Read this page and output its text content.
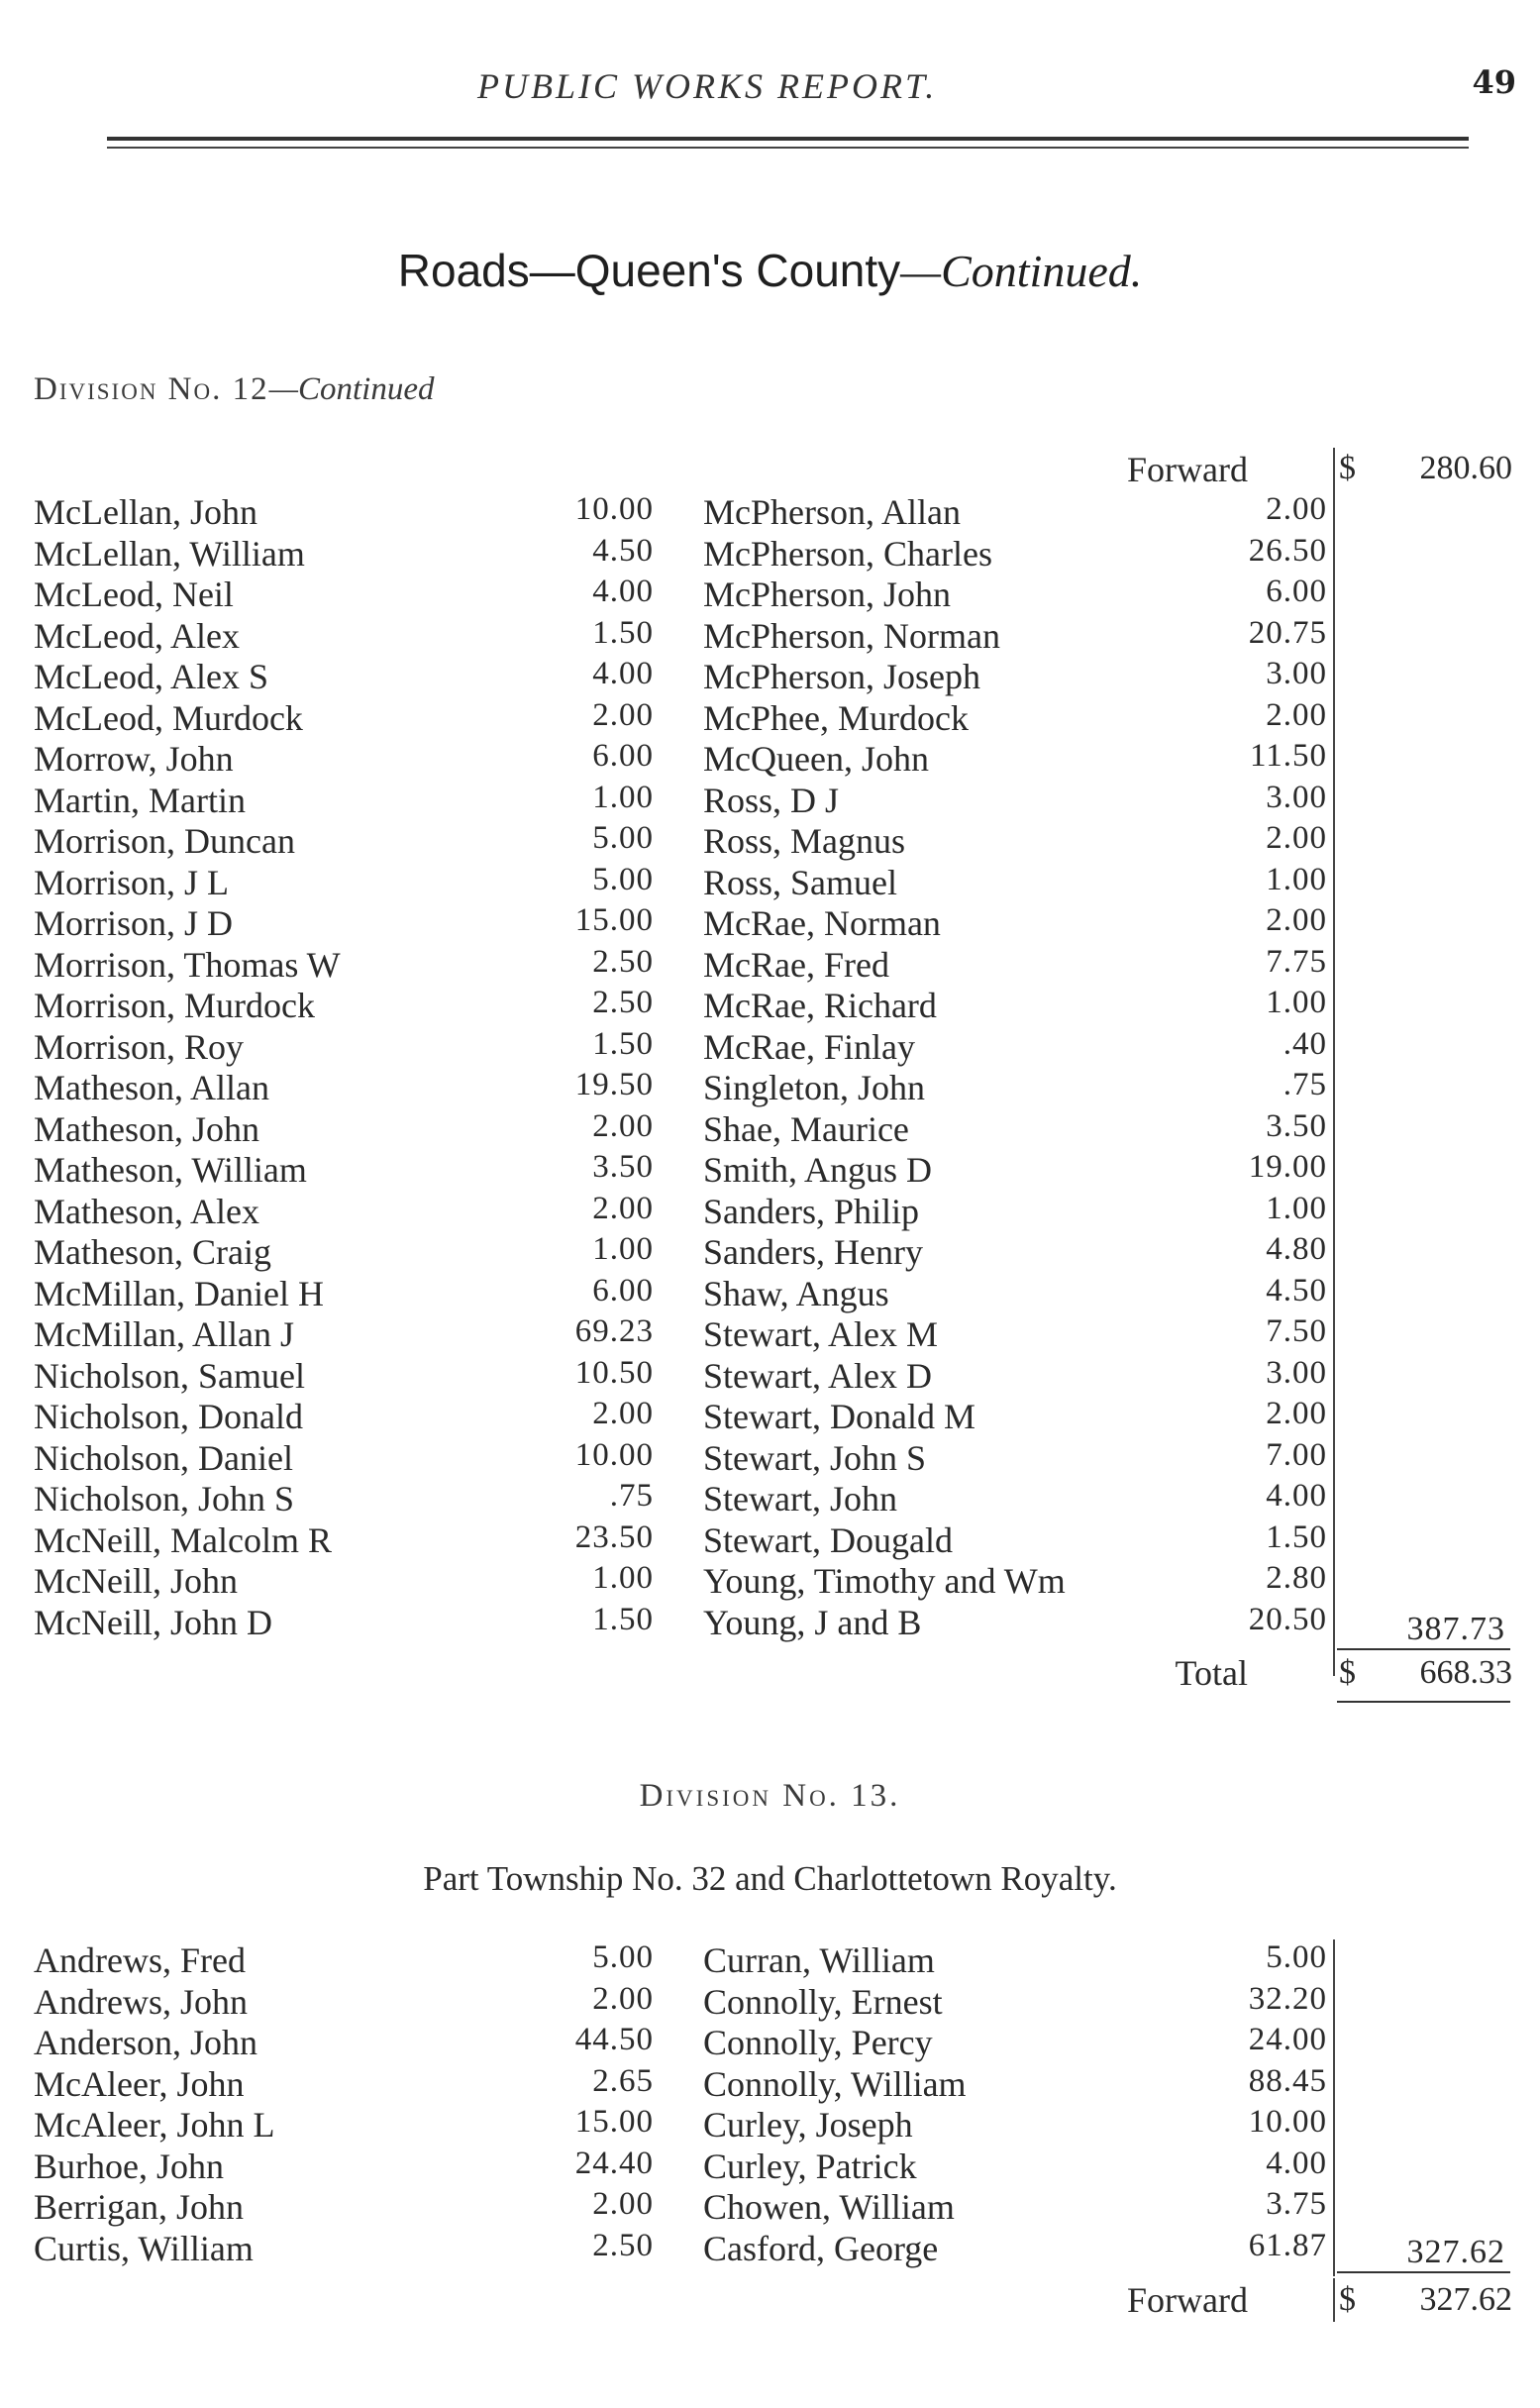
PUBLIC WORKS REPORT.	49
Roads—Queen's County—Continued.
Division No. 12—Continued
Forward	$ 280.60
McLellan, John	10.00 McPherson, Allan	2.00
McLellan, William	4.50 McPherson, Charles	26.50
McLeod, Neil	4.00 McPherson, John	6.00
McLeod, Alex	1.50 McPherson, Norman	20.75
McLeod, Alex S	4.00 McPherson, Joseph	3.00
McLeod, Murdock	2.00 McPhee, Murdock	2.00
Morrow, John	6.00 McQueen, John	11.50
Martin, Martin	1.00 Ross, D J	3.00
Morrison, Duncan	5.00 Ross, Magnus	2.00
Morrison, J L	5.00 Ross, Samuel	1.00
Morrison, J D	15.00 McRae, Norman	2.00
Morrison, Thomas W	2.50 McRae, Fred	7.75
Morrison, Murdock	2.50 McRae, Richard	1.00
Morrison, Roy	1.50 McRae, Finlay	.40
Matheson, Allan	19.50 Singleton, John	.75
Matheson, John	2.00 Shae, Maurice	3.50
Matheson, William	3.50 Smith, Angus D	19.00
Matheson, Alex	2.00 Sanders, Philip	1.00
Matheson, Craig	1.00 Sanders, Henry	4.80
McMillan, Daniel H	6.00 Shaw, Angus	4.50
McMillan, Allan J	69.23 Stewart, Alex M	7.50
Nicholson, Samuel	10.50 Stewart, Alex D	3.00
Nicholson, Donald	2.00 Stewart, Donald M	2.00
Nicholson, Daniel	10.00 Stewart, John S	7.00
Nicholson, John S	.75 Stewart, John	4.00
McNeill, Malcolm R	23.50 Stewart, Dougald	1.50
McNeill, John	1.00 Young, Timothy and Wm	2.80
McNeill, John D	1.50 Young, J and B	20.50	387.73
Total	$ 668.33
Division No. 13.
Part Township No. 32 and Charlottetown Royalty.
Andrews, Fred	5.00 Curran, William	5.00
Andrews, John	2.00 Connolly, Ernest	32.20
Anderson, John	44.50 Connolly, Percy	24.00
McAleer, John	2.65 Connolly, William	88.45
McAleer, John L	15.00 Curley, Joseph	10.00
Burhoe, John	24.40 Curley, Patrick	4.00
Berrigan, John	2.00 Chowen, William	3.75
Curtis, William	2.50 Casford, George	61.87	327.62
Forward	$ 327.62
